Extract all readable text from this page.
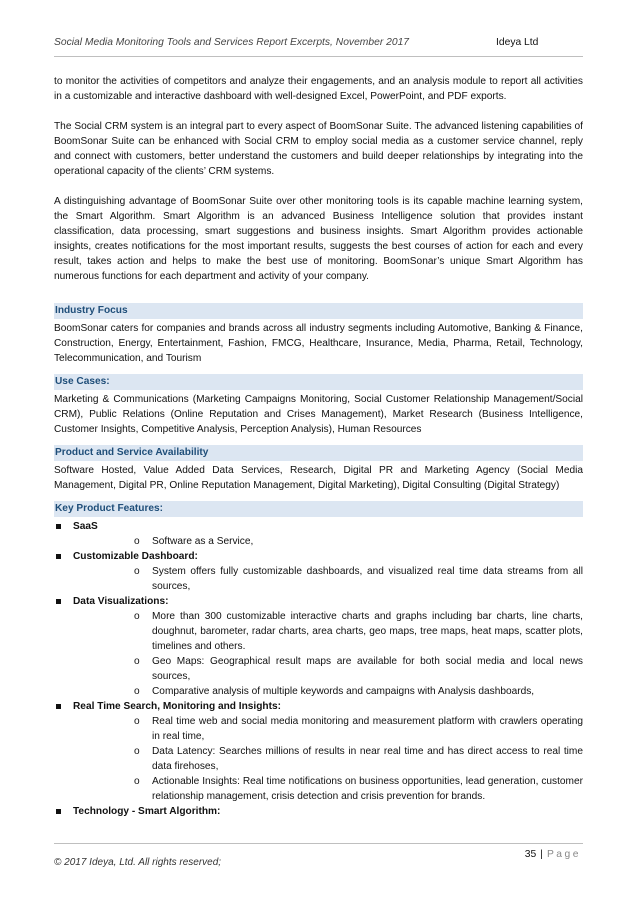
Social Media Monitoring Tools and Services Report Excerpts, November 2017	Ideya Ltd

to monitor the activities of competitors and analyze their engagements, and an analysis module to report all activities in a customizable and interactive dashboard with well-designed Excel, PowerPoint, and PDF exports.

The Social CRM system is an integral part to every aspect of BoomSonar Suite. The advanced listening capabilities of BoomSonar Suite can be enhanced with Social CRM to employ social media as a customer service channel, reply and connect with customers, better understand the customers and build deeper relationships by integrating into the operational capacity of the clients’ CRM systems.

A distinguishing advantage of BoomSonar Suite over other monitoring tools is its capable machine learning system, the Smart Algorithm. Smart Algorithm is an advanced Business Intelligence solution that provides instant classification, data processing, smart suggestions and business insights. Smart Algorithm provides actionable insights, creates notifications for the most important results, suggests the best courses of action for each and every result, takes action and helps to make the best use of monitoring. BoomSonar’s unique Smart Algorithm has numerous functions for each department and activity of your company.

Industry Focus
BoomSonar caters for companies and brands across all industry segments including Automotive, Banking & Finance, Construction, Energy, Entertainment, Fashion, FMCG, Healthcare, Insurance, Media, Pharma, Retail, Technology, Telecommunication, and Tourism
Use Cases:
Marketing & Communications (Marketing Campaigns Monitoring, Social Customer Relationship Management/Social CRM), Public Relations (Online Reputation and Crises Management), Market Research (Business Intelligence, Customer Insights, Competitive Analysis, Perception Analysis), Human Resources
Product and Service Availability
Software Hosted, Value Added Data Services, Research, Digital PR and Marketing Agency (Social Media Management, Digital PR, Online Reputation Management, Digital Marketing), Digital Consulting (Digital Strategy)
Key Product Features:
SaaS
o Software as a Service,
Customizable Dashboard:
o System offers fully customizable dashboards, and visualized real time data streams from all sources,
Data Visualizations:
o More than 300 customizable interactive charts and graphs including bar charts, line charts, doughnut, barometer, radar charts, area charts, geo maps, tree maps, heat maps, scatter plots, timelines and others.
o Geo Maps: Geographical result maps are available for both social media and local news sources,
o Comparative analysis of multiple keywords and campaigns with Analysis dashboards,
Real Time Search, Monitoring and Insights:
o Real time web and social media monitoring and measurement platform with crawlers operating in real time,
o Data Latency: Searches millions of results in near real time and has direct access to real time data firehoses,
o Actionable Insights: Real time notifications on business opportunities, lead generation, customer relationship management, crisis detection and crisis prevention for brands.
Technology - Smart Algorithm:
© 2017 Ideya, Ltd. All rights reserved;
35 | Page
